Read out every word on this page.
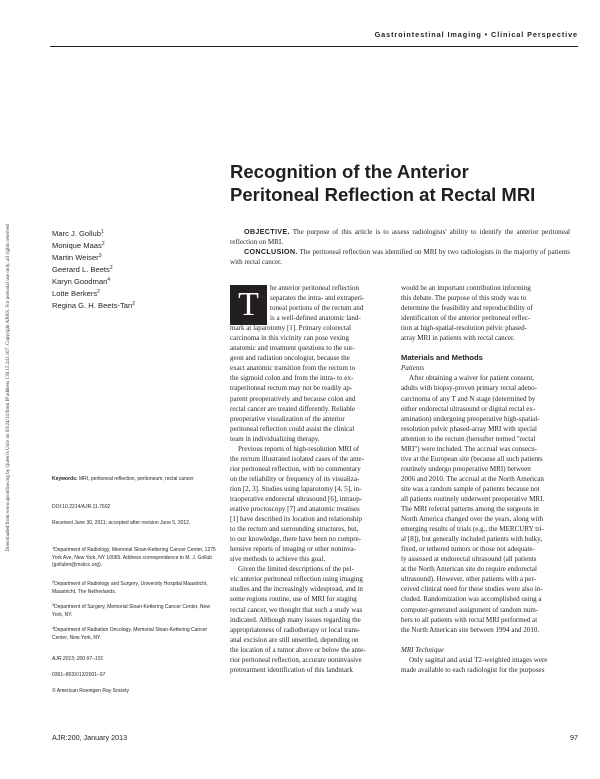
Downloaded from www.ajronline.org by Queen's Univ on 03/24/14 from IP address 130.15.241.167. Copyright ARRS. For personal use only; all rights reserved
Gastrointestinal Imaging • Clinical Perspective
Recognition of the Anterior
Peritoneal Reflection at Rectal MRI
Marc J. Gollub$^1$
Monique Maas$^2$
Martin Weiser$^3$
Geerard L. Beets$^2$
Karyn Goodman$^4$
Lotte Berkers$^2$
Regina G. H. Beets-Tan$^2$

OBJECTIVE. The purpose of this article is to assess radiologists' ability to identify the anterior peritoneal reflection on MRI.

CONCLUSION. The peritoneal reflection was identified on MRI by two radiologists in the majority of patients with rectal cancer.

Keywords: MRI, peritoneal reflection, peritoneum, rectal cancer
DOI:10.2214/AJR.11.7602
Received June 30, 2011; accepted after revision June 5, 2012.
$^1$Department of Radiology, Memorial Sloan-Kettering Cancer Center, 1275 York Ave, New York, NY 10065. Address correspondence to M. J. Gollub (gollubm@mskcc.org).
$^2$Department of Radiology and Surgery, University Hospital Maastricht, Maastricht, The Netherlands.
$^3$Department of Surgery, Memorial Sloan-Kettering Cancer Center, New York, NY.
$^4$Department of Radiation Oncology, Memorial Sloan-Kettering Cancer Center, New York, NY.
AJR 2013; 200:97–101
0361–803X/13/2001–97
© American Roentgen Ray Society
T	he anterior peritoneal reflection
separates the intra- and extraperi-
toneal portions of the rectum and
is a well-defined anatomic land-
mark at laparotomy [1]. Primary colorectal
carcinoma in this vicinity can pose vexing
anatomic and treatment questions to the sur-
geon and radiation oncologist, because the
exact anatomic transition from the rectum to
the sigmoid colon and from the intra- to ex-
traperitoneal rectum may not be readily ap-
parent preoperatively and because colon and
rectal cancer are treated differently. Reliable
preoperative visualization of the anterior
peritoneal reflection could assist the clinical
team in individualizing therapy.
Previous reports of high-resolution MRI of
the rectum illustrated isolated cases of the ante-
rior peritoneal reflection, with no commentary
on the reliability or frequency of its visualiza-
tion [2, 3]. Studies using laparotomy [4, 5], in-
traoperative endorectal ultrasound [6], intraop-
erative proctoscopy [7] and anatomic treatises
[1] have described its location and relationship
to the rectum and surrounding structures, but,
to our knowledge, there have been no compre-
hensive reports of imaging or other noninva-
sive methods to achieve this goal.
Given the limited descriptions of the pel-
vic anterior peritoneal reflection using imaging
studies and the increasingly widespread, and in
some regions routine, use of MRI for staging
rectal cancer, we thought that such a study was
indicated. Although many issues regarding the
appropriateness of radiotherapy or local trans-
anal excision are still unsettled, depending on
the location of a tumor above or below the ante-
rior peritoneal reflection, accurate noninvasive
pretreatment identification of this landmark
would be an important contribution informing
this debate. The purpose of this study was to
determine the feasibility and reproducibility of
identification of the anterior peritoneal reflec-
tion at high-spatial-resolution pelvic phased-
array MRI in patients with rectal cancer.
Materials and Methods
Patients
After obtaining a waiver for patient consent,
adults with biopsy-proven primary rectal adeno-
carcinoma of any T and N stage (determined by
either endorectal ultrasound or digital rectal ex-
amination) undergoing preoperative high-spatial-
resolution pelvic phased-array MRI with special
attention to the rectum (hereafter termed "rectal
MRI") were included. The accrual was consecu-
tive at the European site (because all such patients
routinely undergo preoperative MRI) between
2006 and 2010. The accrual at the North American
site was a random sample of patients because not
all patients routinely underwent preoperative MRI.
The MRI referral patterns among the surgeons in
North America changed over the years, along with
emerging results of trials (e.g., the MERCURY tri-
al [8]), but generally included patients with bulky,
fixed, or tethered tumors or those not adequate-
ly assessed at endorectal ultrasound (all patients
at the North American site do require endorectal
ultrasound). However, other patients with a per-
ceived clinical need for these studies were also in-
cluded. Randomization was accomplished using a
computer-generated assignment of random num-
bers to all patients with rectal MRI performed at
the North American site between 1994 and 2010.
MRI Technique
Only sagittal and axial T2-weighted images were
made available to each radiologist for the purposes
AJR:200, January 2013	97
